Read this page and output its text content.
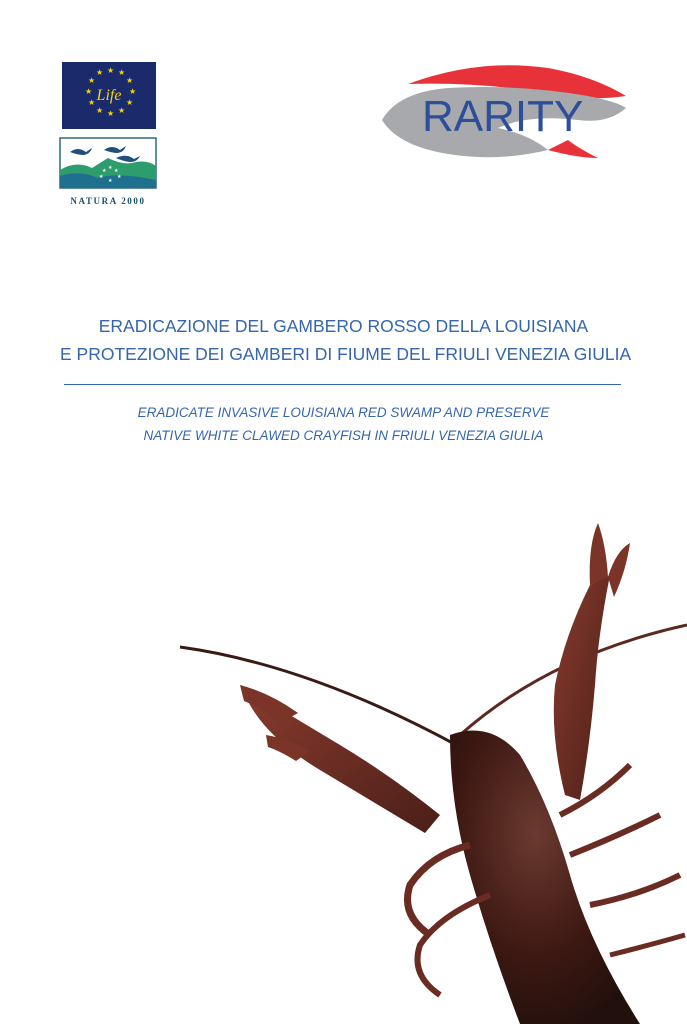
★ ★ ★
★
★
★
★
★
★
★
★
★
Life
★ ★ ★
★	★
★
NATURA 2000
RARITY
ERADICAZIONE DEL GAMBERO ROSSO DELLA LOUISIANA
E PROTEZIONE DEI GAMBERI DI FIUME DEL FRIULI VENEZIA GIULIA
ERADICATE INVASIVE LOUISIANA RED SWAMP AND PRESERVE
NATIVE WHITE CLAWED CRAYFISH IN FRIULI VENEZIA GIULIA
